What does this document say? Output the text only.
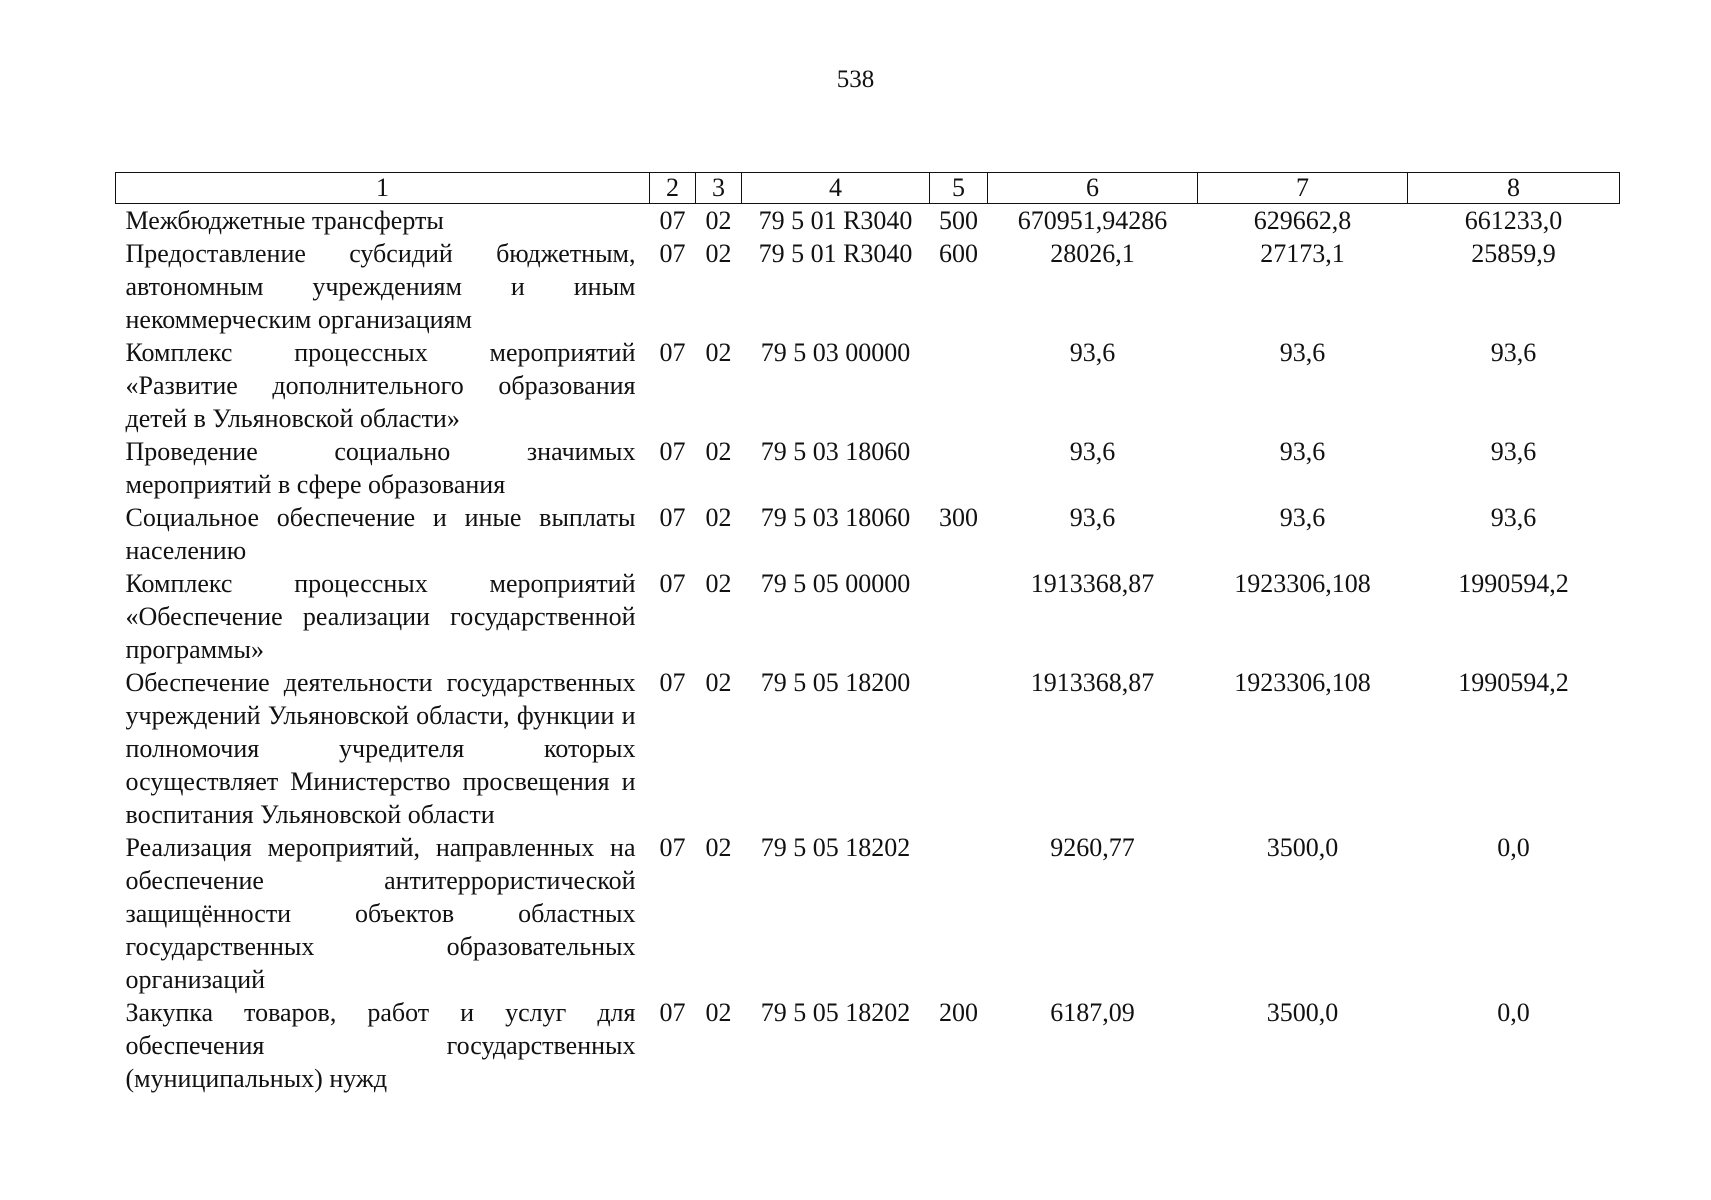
538
1	2	3	4	5	6	7	8
Межбюджетные трансферты	07	02	79 5 01 R3040	500	670951,94286	629662,8	661233,0
Предоставление субсидий бюджетным, автономным учреждениям и иным некоммерческим организациям	07	02	79 5 01 R3040	600	28026,1	27173,1	25859,9
Комплекс процессных мероприятий «Развитие дополнительного образования детей в Ульяновской области»	07	02	79 5 03 00000		93,6	93,6	93,6
Проведение социально значимых мероприятий в сфере образования	07	02	79 5 03 18060		93,6	93,6	93,6
Социальное обеспечение и иные выплаты населению	07	02	79 5 03 18060	300	93,6	93,6	93,6
Комплекс процессных мероприятий «Обеспечение реализации государственной программы»	07	02	79 5 05 00000		1913368,87	1923306,108	1990594,2
Обеспечение деятельности государственных учреждений Ульяновской области, функции и полномочия учредителя которых осуществляет Министерство просвещения и воспитания Ульяновской области	07	02	79 5 05 18200		1913368,87	1923306,108	1990594,2
Реализация мероприятий, направленных на обеспечение антитеррористической защищённости объектов областных государственных образовательных организаций	07	02	79 5 05 18202		9260,77	3500,0	0,0
Закупка товаров, работ и услуг для обеспечения государственных (муниципальных) нужд	07	02	79 5 05 18202	200	6187,09	3500,0	0,0
